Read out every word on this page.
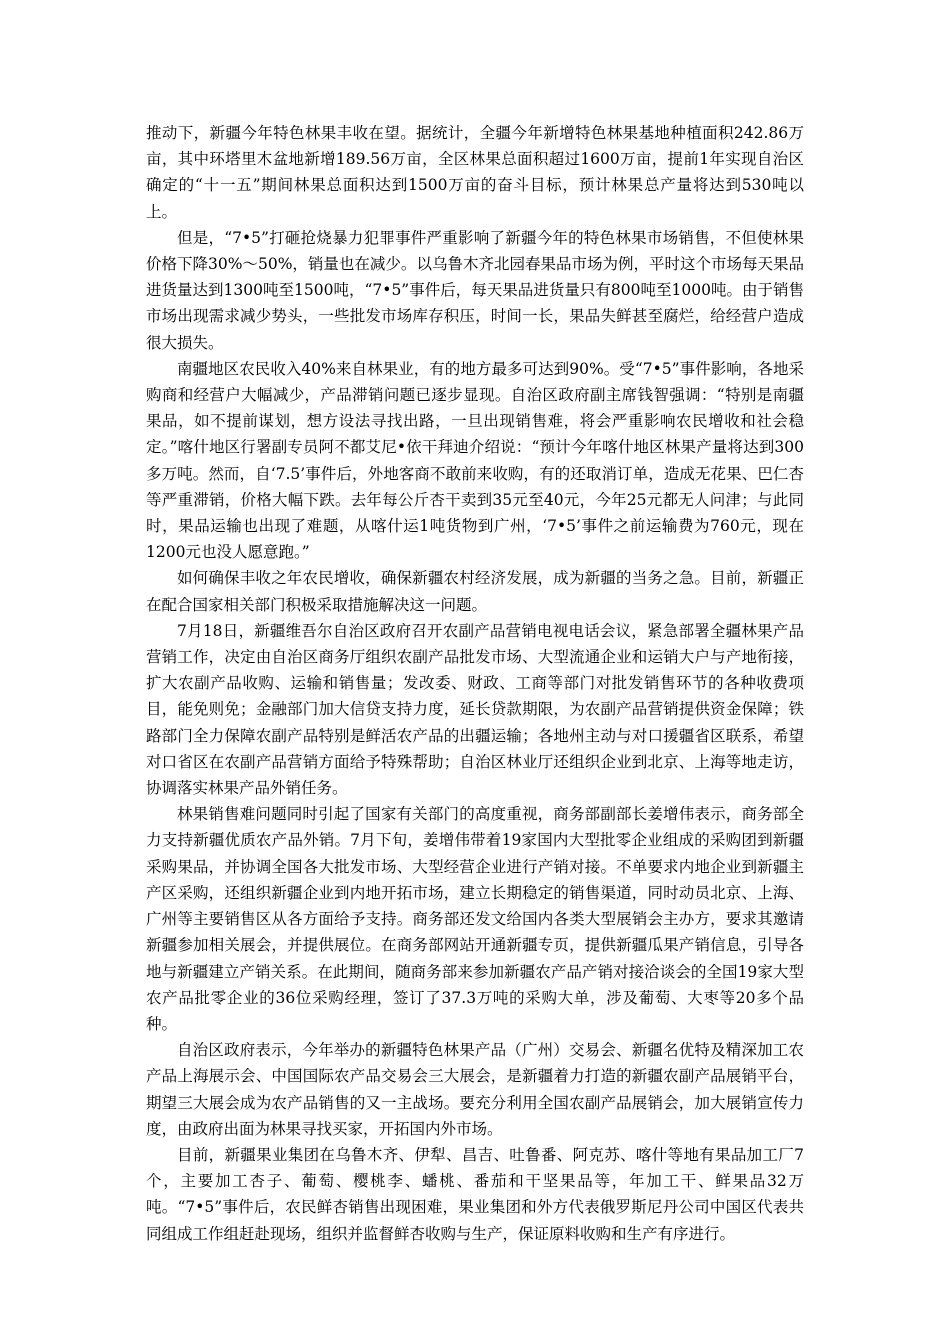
推动下，新疆今年特色林果丰收在望。据统计，全疆今年新增特色林果基地种植面积242.86万亩，其中环塔里木盆地新增189.56万亩，全区林果总面积超过1600万亩，提前1年实现自治区确定的“十一五”期间林果总面积达到1500万亩的奋斗目标，预计林果总产量将达到530吨以上。

但是，“7•5”打砸抢烧暴力犯罪事件严重影响了新疆今年的特色林果市场销售，不但使林果价格下降30%～50%，销量也在减少。以乌鲁木齐北园春果品市场为例，平时这个市场每天果品进货量达到1300吨至1500吨，“7•5”事件后，每天果品进货量只有800吨至1000吨。由于销售市场出现需求减少势头，一些批发市场库存积压，时间一长，果品失鲜甚至腐烂，给经营户造成很大损失。

南疆地区农民收入40%来自林果业，有的地方最多可达到90%。受“7•5”事件影响，各地采购商和经营户大幅减少，产品滞销问题已逐步显现。自治区政府副主席钱智强调：“特别是南疆果品，如不提前谋划，想方设法寻找出路，一旦出现销售难，将会严重影响农民增收和社会稳定。”喀什地区行署副专员阿不都艾尼•依干拜迪介绍说：“预计今年喀什地区林果产量将达到300多万吨。然而，自‘7.5’事件后，外地客商不敢前来收购，有的还取消订单，造成无花果、巴仁杏等严重滞销，价格大幅下跌。去年每公斤杏干卖到35元至40元，今年25元都无人问津；与此同时，果品运输也出现了难题，从喀什运1吨货物到广州，‘7•5’事件之前运输费为760元，现在1200元也没人愿意跑。”

如何确保丰收之年农民增收，确保新疆农村经济发展，成为新疆的当务之急。目前，新疆正在配合国家相关部门积极采取措施解决这一问题。

7月18日，新疆维吾尔自治区政府召开农副产品营销电视电话会议，紧急部署全疆林果产品营销工作，决定由自治区商务厅组织农副产品批发市场、大型流通企业和运销大户与产地衔接，扩大农副产品收购、运输和销售量；发改委、财政、工商等部门对批发销售环节的各种收费项目，能免则免；金融部门加大信贷支持力度，延长贷款期限，为农副产品营销提供资金保障；铁路部门全力保障农副产品特别是鲜活农产品的出疆运输；各地州主动与对口援疆省区联系，希望对口省区在农副产品营销方面给予特殊帮助；自治区林业厅还组织企业到北京、上海等地走访，协调落实林果产品外销任务。

林果销售难问题同时引起了国家有关部门的高度重视，商务部副部长姜增伟表示，商务部全力支持新疆优质农产品外销。7月下旬，姜增伟带着19家国内大型批零企业组成的采购团到新疆采购果品，并协调全国各大批发市场、大型经营企业进行产销对接。不单要求内地企业到新疆主产区采购，还组织新疆企业到内地开拓市场，建立长期稳定的销售渠道，同时动员北京、上海、广州等主要销售区从各方面给予支持。商务部还发文给国内各类大型展销会主办方，要求其邀请新疆参加相关展会，并提供展位。在商务部网站开通新疆专页，提供新疆瓜果产销信息，引导各地与新疆建立产销关系。在此期间，随商务部来参加新疆农产品产销对接洽谈会的全国19家大型农产品批零企业的36位采购经理，签订了37.3万吨的采购大单，涉及葡萄、大枣等20多个品种。

自治区政府表示，今年举办的新疆特色林果产品（广州）交易会、新疆名优特及精深加工农产品上海展示会、中国国际农产品交易会三大展会，是新疆着力打造的新疆农副产品展销平台，期望三大展会成为农产品销售的又一主战场。要充分利用全国农副产品展销会，加大展销宣传力度，由政府出面为林果寻找买家，开拓国内外市场。

目前，新疆果业集团在乌鲁木齐、伊犁、昌吉、吐鲁番、阿克苏、喀什等地有果品加工厂7个，主要加工杏子、葡萄、樱桃李、蟠桃、番茄和干坚果品等，年加工干、鲜果品32万吨。“7•5”事件后，农民鲜杏销售出现困难，果业集团和外方代表俄罗斯尼丹公司中国区代表共同组成工作组赶赴现场，组织并监督鲜杏收购与生产，保证原料收购和生产有序进行。
